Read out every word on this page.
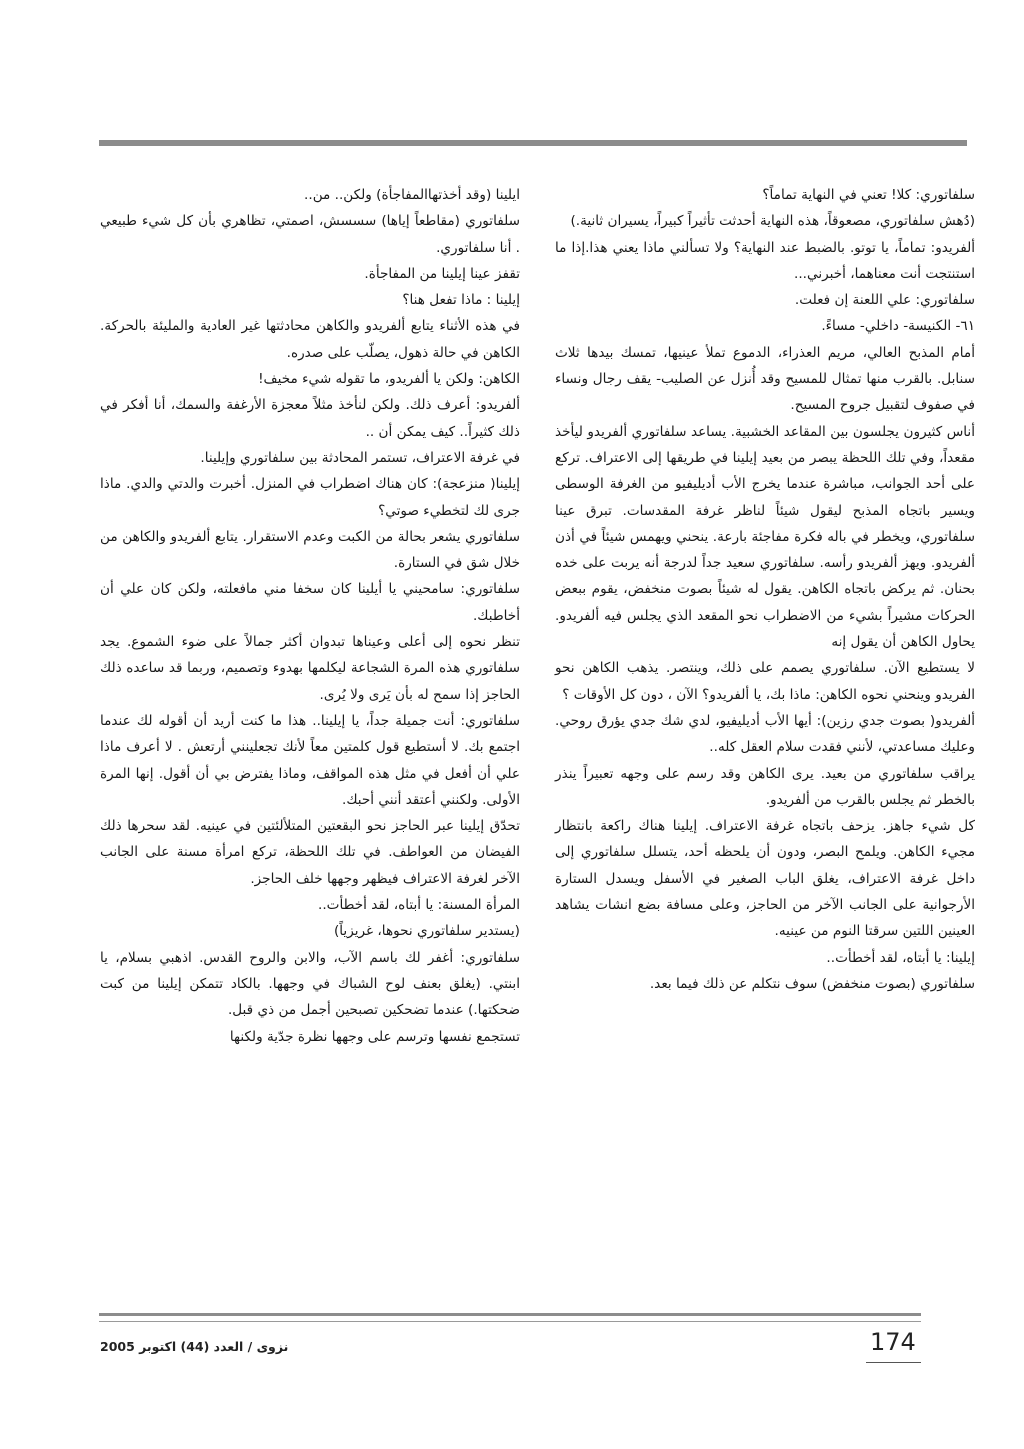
سلفاتوري: كلا! تعني في النهاية تماماً؟

(دُهش سلفاتوري، مصعوقاً، هذه النهاية أحدثت تأثيراً كبيراً، يسيران ثانية.)

ألفريدو: تماماً، يا توتو. بالضبط عند النهاية؟ ولا تسألني ماذا يعني هذا.إذا ما استنتجت أنت معناهما، أخبرني...

سلفاتوري: علي اللعنة إن فعلت.

٦١- الكنيسة- داخلي- مساءً.

أمام المذبح العالي، مريم العذراء، الدموع تملأ عينيها، تمسك بيدها ثلاث سنابل. بالقرب منها تمثال للمسيح وقد أُنزل عن الصليب- يقف رجال ونساء في صفوف لتقبيل جروح المسيح.

أناس كثيرون يجلسون بين المقاعد الخشبية. يساعد سلفاتوري ألفريدو ليأخذ مقعداً، وفي تلك اللحظة يبصر من بعيد إيلينا في طريقها إلى الاعتراف. تركع على أحد الجوانب، مباشرة عندما يخرج الأب أديليفيو من الغرفة الوسطى ويسير باتجاه المذبح ليقول شيئاً لناظر غرفة المقدسات. تبرق عينا سلفاتوري، ويخطر في باله فكرة مفاجئة بارعة. ينحني ويهمس شيئاً في أذن ألفريدو. ويهز ألفريدو رأسه. سلفاتوري سعيد جداً لدرجة أنه يربت على خده بحنان. ثم يركض باتجاه الكاهن. يقول له شيئاً بصوت منخفض، يقوم ببعض الحركات مشيراً بشيء من الاضطراب نحو المقعد الذي يجلس فيه ألفريدو. يحاول الكاهن أن يقول إنه

لا يستطيع الآن. سلفاتوري يصمم على ذلك، وينتصر. يذهب الكاهن نحو الفريدو وينحني نحوه الكاهن: ماذا بك، يا ألفريدو؟ الآن ، دون كل الأوقات ؟

ألفريدو( بصوت جدي رزين): أيها الأب أديليفيو، لدي شك جدي يؤرق روحي. وعليك مساعدتي، لأنني فقدت سلام العقل كله..

يراقب سلفاتوري من بعيد. يرى الكاهن وقد رسم على وجهه تعبيراً ينذر بالخطر ثم يجلس بالقرب من ألفريدو.

كل شيء جاهز. يزحف باتجاه غرفة الاعتراف. إيلينا هناك راكعة بانتظار مجيء الكاهن. ويلمح البصر، ودون أن يلحظه أحد، يتسلل سلفاتوري إلى داخل غرفة الاعتراف، يغلق الباب الصغير في الأسفل ويسدل الستارة الأرجوانية على الجانب الآخر من الحاجز، وعلى مسافة بضع انشات يشاهد العينين اللتين سرقتا النوم من عينيه.

إيلينا: يا أبتاه، لقد أخطأت..

سلفاتوري (بصوت منخفض) سوف نتكلم عن ذلك فيما بعد.

ايلينا (وقد أخذتهاالمفاجأة) ولكن.. من..

سلفاتوري (مقاطعاً إياها) سسسش، اصمتي، تظاهري بأن كل شيء طبيعي . أنا سلفاتوري.

تقفز عينا إيلينا من المفاجأة.

إيلينا : ماذا تفعل هنا؟

في هذه الأثناء يتابع ألفريدو والكاهن محادثتها غير العادية والمليئة بالحركة. الكاهن في حالة ذهول، يصلّب على صدره.

الكاهن: ولكن يا ألفريدو، ما تقوله شيء مخيف!

ألفريدو: أعرف ذلك. ولكن لنأخذ مثلاً معجزة الأرغفة والسمك، أنا أفكر في ذلك كثيراً.. كيف يمكن أن ..

في غرفة الاعتراف، تستمر المحادثة بين سلفاتوري وإيلينا.

إيلينا( منزعجة): كان هناك اضطراب في المنزل. أخبرت والدتي والدي. ماذا جرى لك لتخطيء صوتي؟

سلفاتوري يشعر بحالة من الكبت وعدم الاستقرار. يتابع ألفريدو والكاهن من خلال شق في الستارة.

سلفاتوري: سامحيني يا أيلينا كان سخفا مني مافعلته، ولكن كان علي أن أخاطبك.

تنظر نحوه إلى أعلى وعيناها تبدوان أكثر جمالاً على ضوء الشموع. يجد سلفاتوري هذه المرة الشجاعة ليكلمها بهدوء وتصميم، وربما قد ساعده ذلك الحاجز إذا سمح له بأن يَرى ولا يُرى.

سلفاتوري: أنت جميلة جداً، يا إيلينا.. هذا ما كنت أريد أن أقوله لك عندما اجتمع بك. لا أستطيع قول كلمتين معاً لأنك تجعلينني أرتعش . لا أعرف ماذا علي أن أفعل في مثل هذه المواقف، وماذا يفترض بي أن أقول. إنها المرة الأولى. ولكنني أعتقد أنني أحبك.

تحدّق إيلينا عبر الحاجز نحو البقعتين المتلألئتين في عينيه. لقد سحرها ذلك الفيضان من العواطف. في تلك اللحظة، تركع امرأة مسنة على الجانب الآخر لغرفة الاعتراف فيظهر وجهها خلف الحاجز.

المرأة المسنة: يا أبتاه، لقد أخطأت..

(يستدير سلفاتوري نحوها، غريزياً)

سلفاتوري: أغفر لك باسم الآب، والابن والروح القدس. اذهبي بسلام، يا ابنتي. (يغلق بعنف لوح الشباك في وجهها. بالكاد تتمكن إيلينا من كبت ضحكتها.) عندما تضحكين تصبحين أجمل من ذي قبل.

تستجمع نفسها وترسم على وجهها نظرة جدّية ولكنها

174
نزوى / العدد (44) اكتوبر 2005
